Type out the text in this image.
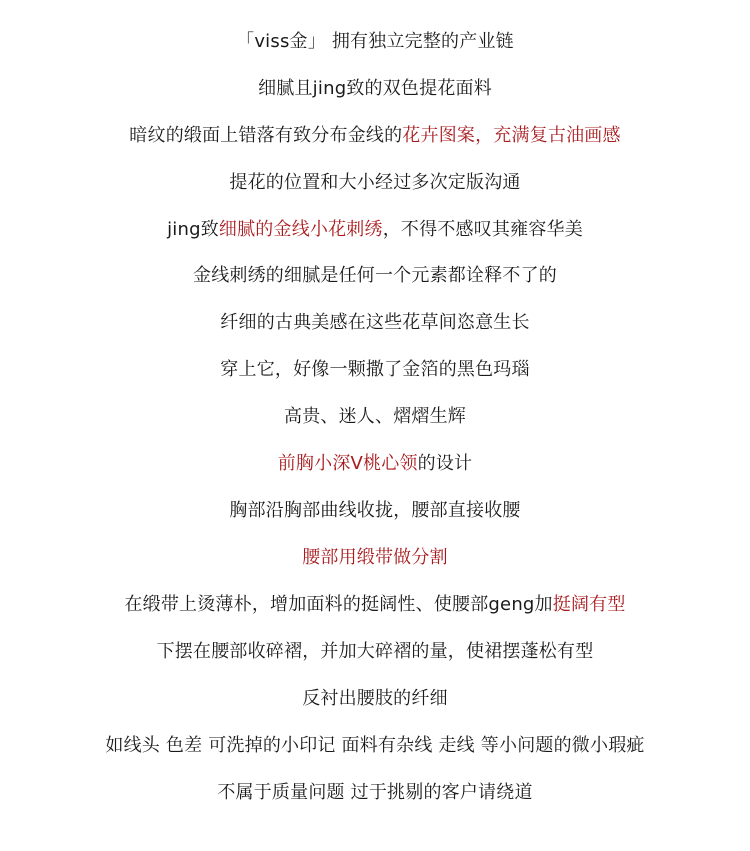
「viss金」 拥有独立完整的产业链
细腻且jing致的双色提花面料
暗纹的缎面上错落有致分布金线的花卉图案，充满复古油画感
提花的位置和大小经过多次定版沟通
jing致细腻的金线小花刺绣，不得不感叹其雍容华美
金线刺绣的细腻是任何一个元素都诠释不了的
纤细的古典美感在这些花草间恣意生长
穿上它，好像一颗撒了金箔的黑色玛瑙
高贵、迷人、熠熠生辉
前胸小深V桃心领的设计
胸部沿胸部曲线收拢，腰部直接收腰
腰部用缎带做分割
在缎带上烫薄朴，增加面料的挺阔性、使腰部geng加挺阔有型
下摆在腰部收碎褶，并加大碎褶的量，使裙摆蓬松有型
反衬出腰肢的纤细
如线头 色差 可洗掉的小印记 面料有杂线 走线 等小问题的微小瑕疵
不属于质量问题 过于挑剔的客户请绕道
